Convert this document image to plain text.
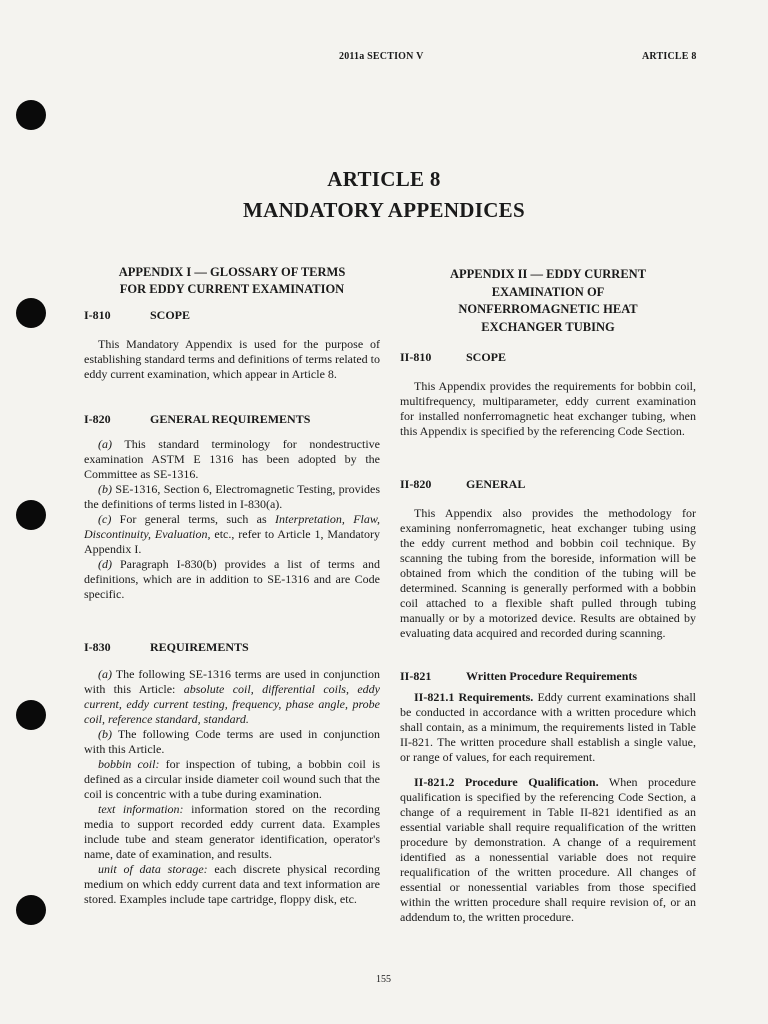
2011a SECTION V	ARTICLE 8
ARTICLE 8
MANDATORY APPENDICES
APPENDIX I — GLOSSARY OF TERMS
FOR EDDY CURRENT EXAMINATION
I-810	SCOPE

This Mandatory Appendix is used for the purpose of establishing standard terms and definitions of terms related to eddy current examination, which appear in Article 8.

I-820	GENERAL REQUIREMENTS

(a) This standard terminology for nondestructive examination ASTM E 1316 has been adopted by the Committee as SE-1316.

(b) SE-1316, Section 6, Electromagnetic Testing, provides the definitions of terms listed in I-830(a).

(c) For general terms, such as Interpretation, Flaw, Discontinuity, Evaluation, etc., refer to Article 1, Mandatory Appendix I.

(d) Paragraph I-830(b) provides a list of terms and definitions, which are in addition to SE-1316 and are Code specific.

I-830	REQUIREMENTS

(a) The following SE-1316 terms are used in conjunction with this Article: absolute coil, differential coils, eddy current, eddy current testing, frequency, phase angle, probe coil, reference standard, standard.

(b) The following Code terms are used in conjunction with this Article.

bobbin coil: for inspection of tubing, a bobbin coil is defined as a circular inside diameter coil wound such that the coil is concentric with a tube during examination.

text information: information stored on the recording media to support recorded eddy current data. Examples include tube and steam generator identification, operator's name, date of examination, and results.

unit of data storage: each discrete physical recording medium on which eddy current data and text information are stored. Examples include tape cartridge, floppy disk, etc.

APPENDIX II — EDDY CURRENT
EXAMINATION OF
NONFERROMAGNETIC HEAT
EXCHANGER TUBING
II-810	SCOPE

This Appendix provides the requirements for bobbin coil, multifrequency, multiparameter, eddy current examination for installed nonferromagnetic heat exchanger tubing, when this Appendix is specified by the referencing Code Section.

II-820	GENERAL

This Appendix also provides the methodology for examining nonferromagnetic, heat exchanger tubing using the eddy current method and bobbin coil technique. By scanning the tubing from the boreside, information will be obtained from which the condition of the tubing will be determined. Scanning is generally performed with a bobbin coil attached to a flexible shaft pulled through tubing manually or by a motorized device. Results are obtained by evaluating data acquired and recorded during scanning.

II-821	Written Procedure Requirements

II-821.1 Requirements. Eddy current examinations shall be conducted in accordance with a written procedure which shall contain, as a minimum, the requirements listed in Table II-821. The written procedure shall establish a single value, or range of values, for each requirement.

II-821.2 Procedure Qualification. When procedure qualification is specified by the referencing Code Section, a change of a requirement in Table II-821 identified as an essential variable shall require requalification of the written procedure by demonstration. A change of a requirement identified as a nonessential variable does not require requalification of the written procedure. All changes of essential or nonessential variables from those specified within the written procedure shall require revision of, or an addendum to, the written procedure.

155
